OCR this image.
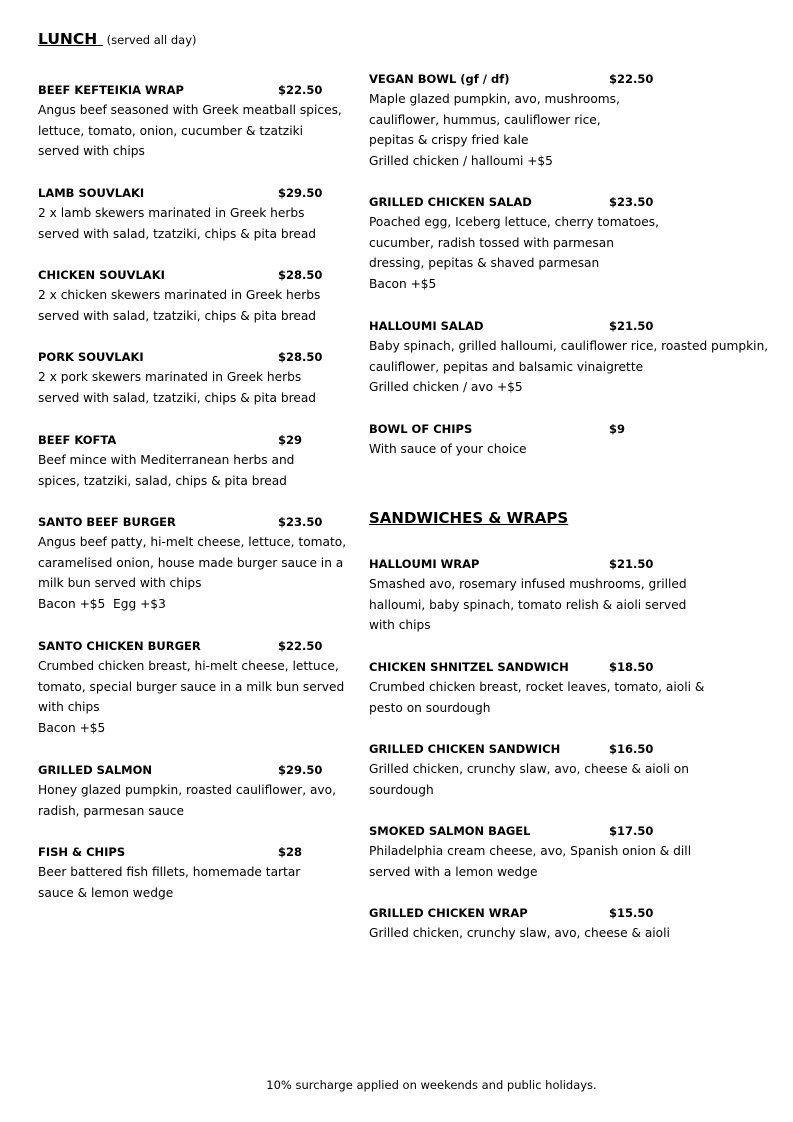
LUNCH (served all day)
BEEF KEFTEIKIA WRAP	$22.50
Angus beef seasoned with Greek meatball spices, lettuce, tomato, onion, cucumber & tzatziki served with chips
LAMB SOUVLAKI	$29.50
2 x lamb skewers marinated in Greek herbs served with salad, tzatziki, chips & pita bread
CHICKEN SOUVLAKI	$28.50
2 x chicken skewers marinated in Greek herbs served with salad, tzatziki, chips & pita bread
PORK SOUVLAKI	$28.50
2 x pork skewers marinated in Greek herbs served with salad, tzatziki, chips & pita bread
BEEF KOFTA	$29
Beef mince with Mediterranean herbs and spices, tzatziki, salad, chips & pita bread
SANTO BEEF BURGER	$23.50
Angus beef patty, hi-melt cheese, lettuce, tomato, caramelised onion, house made burger sauce in a milk bun served with chips
Bacon +$5  Egg +$3
SANTO CHICKEN BURGER	$22.50
Crumbed chicken breast, hi-melt cheese, lettuce, tomato, special burger sauce in a milk bun served with chips
Bacon +$5
GRILLED SALMON	$29.50
Honey glazed pumpkin, roasted cauliflower, avo, radish, parmesan sauce
FISH & CHIPS	$28
Beer battered fish fillets, homemade tartar sauce & lemon wedge
VEGAN BOWL (gf / df)	$22.50
Maple glazed pumpkin, avo, mushrooms, cauliflower, hummus, cauliflower rice, pepitas & crispy fried kale
Grilled chicken / halloumi +$5
GRILLED CHICKEN SALAD	$23.50
Poached egg, Iceberg lettuce, cherry tomatoes, cucumber, radish tossed with parmesan dressing, pepitas & shaved parmesan
Bacon +$5
HALLOUMI SALAD	$21.50
Baby spinach, grilled halloumi, cauliflower rice, roasted pumpkin, cauliflower, pepitas and balsamic vinaigrette
Grilled chicken / avo +$5
BOWL OF CHIPS	$9
With sauce of your choice
SANDWICHES & WRAPS
HALLOUMI WRAP	$21.50
Smashed avo, rosemary infused mushrooms, grilled halloumi, baby spinach, tomato relish & aioli served with chips
CHICKEN SHNITZEL SANDWICH	$18.50
Crumbed chicken breast, rocket leaves, tomato, aioli & pesto on sourdough
GRILLED CHICKEN SANDWICH	$16.50
Grilled chicken, crunchy slaw, avo, cheese & aioli on sourdough
SMOKED SALMON BAGEL	$17.50
Philadelphia cream cheese, avo, Spanish onion & dill served with a lemon wedge
GRILLED CHICKEN WRAP	$15.50
Grilled chicken, crunchy slaw, avo, cheese & aioli
10% surcharge applied on weekends and public holidays.
